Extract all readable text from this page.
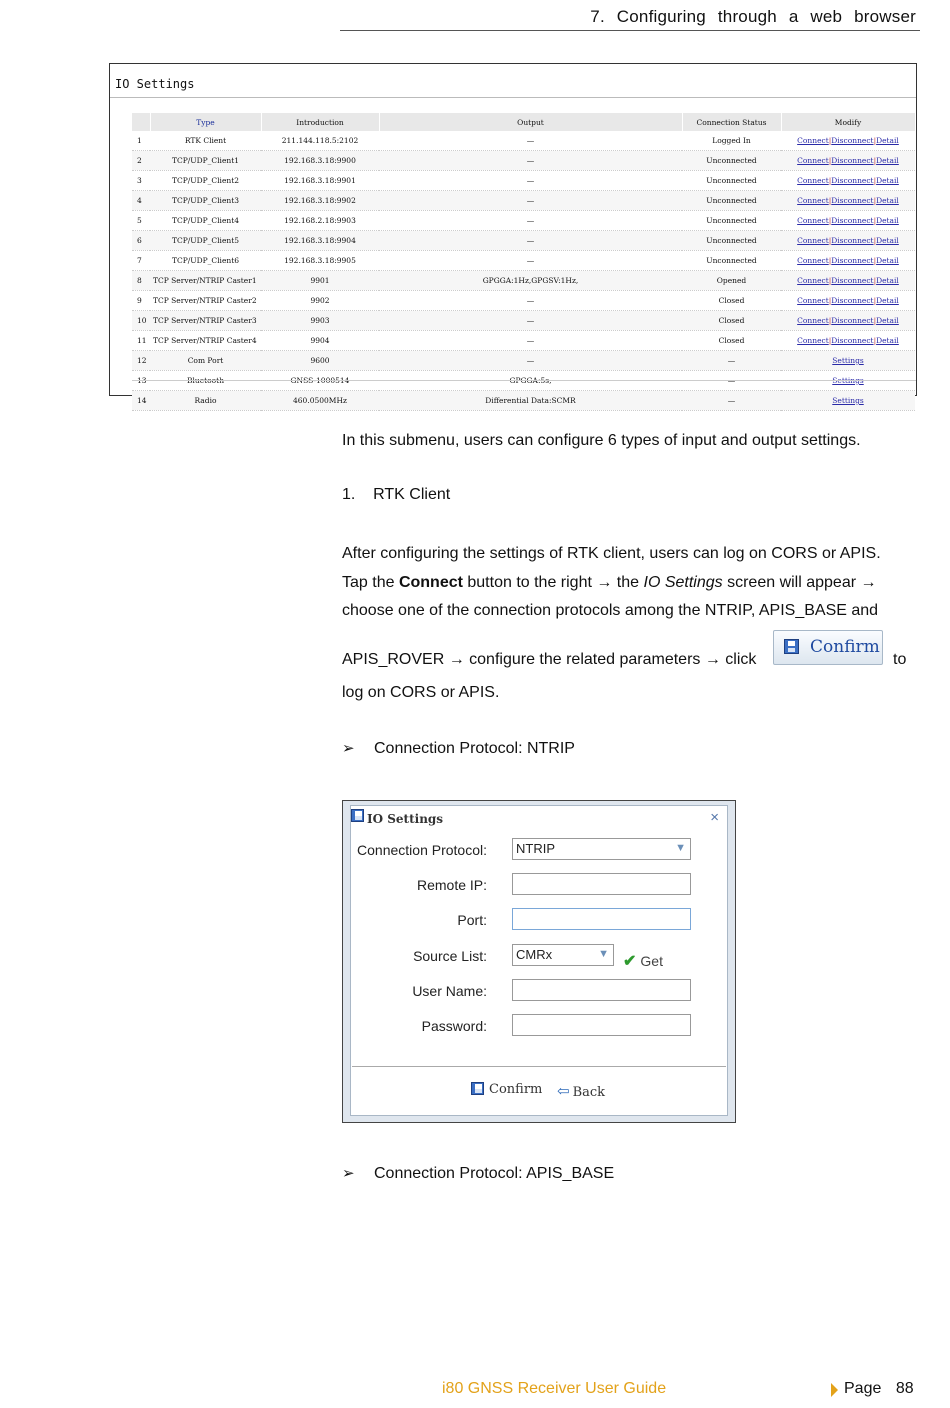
7. Configuring through a web browser
IO Settings
	Type	Introduction	Output	Connection Status	Modify
1	RTK Client	211.144.118.5:2102	—	Logged In	Connect|Disconnect|Detail
2	TCP/UDP_Client1	192.168.3.18:9900	—	Unconnected	Connect|Disconnect|Detail
3	TCP/UDP_Client2	192.168.3.18:9901	—	Unconnected	Connect|Disconnect|Detail
4	TCP/UDP_Client3	192.168.3.18:9902	—	Unconnected	Connect|Disconnect|Detail
5	TCP/UDP_Client4	192.168.2.18:9903	—	Unconnected	Connect|Disconnect|Detail
6	TCP/UDP_Client5	192.168.3.18:9904	—	Unconnected	Connect|Disconnect|Detail
7	TCP/UDP_Client6	192.168.3.18:9905	—	Unconnected	Connect|Disconnect|Detail
8	TCP Server/NTRIP Caster1	9901	GPGGA:1Hz,GPGSV:1Hz,	Opened	Connect|Disconnect|Detail
9	TCP Server/NTRIP Caster2	9902	—	Closed	Connect|Disconnect|Detail
10	TCP Server/NTRIP Caster3	9903	—	Closed	Connect|Disconnect|Detail
11	TCP Server/NTRIP Caster4	9904	—	Closed	Connect|Disconnect|Detail
12	Com Port	9600	—	—	Settings
13	Bluetooth	GNSS-1000514	GPGGA:5s,	—	Settings
14	Radio	460.0500MHz	Differential Data:SCMR	—	Settings
In this submenu, users can configure 6 types of input and output settings.
1.    RTK Client
After configuring the settings of RTK client, users can log on CORS or APIS.
Tap the Connect button to the right → the IO Settings screen will appear →
choose one of the connection protocols among the NTRIP, APIS_BASE and
APIS_ROVER → configure the related parameters → click
Confirm
to
log on CORS or APIS.
➢ Connection Protocol: NTRIP
IO Settings	×
Connection Protocol:	NTRIP	▼
Remote IP:
Port:
Source List:	CMRx	▼ ✔ Get
User Name:
Password:
Confirm ⇦ Back
➢ Connection Protocol: APIS_BASE
i80 GNSS Receiver User Guide	Page 88
